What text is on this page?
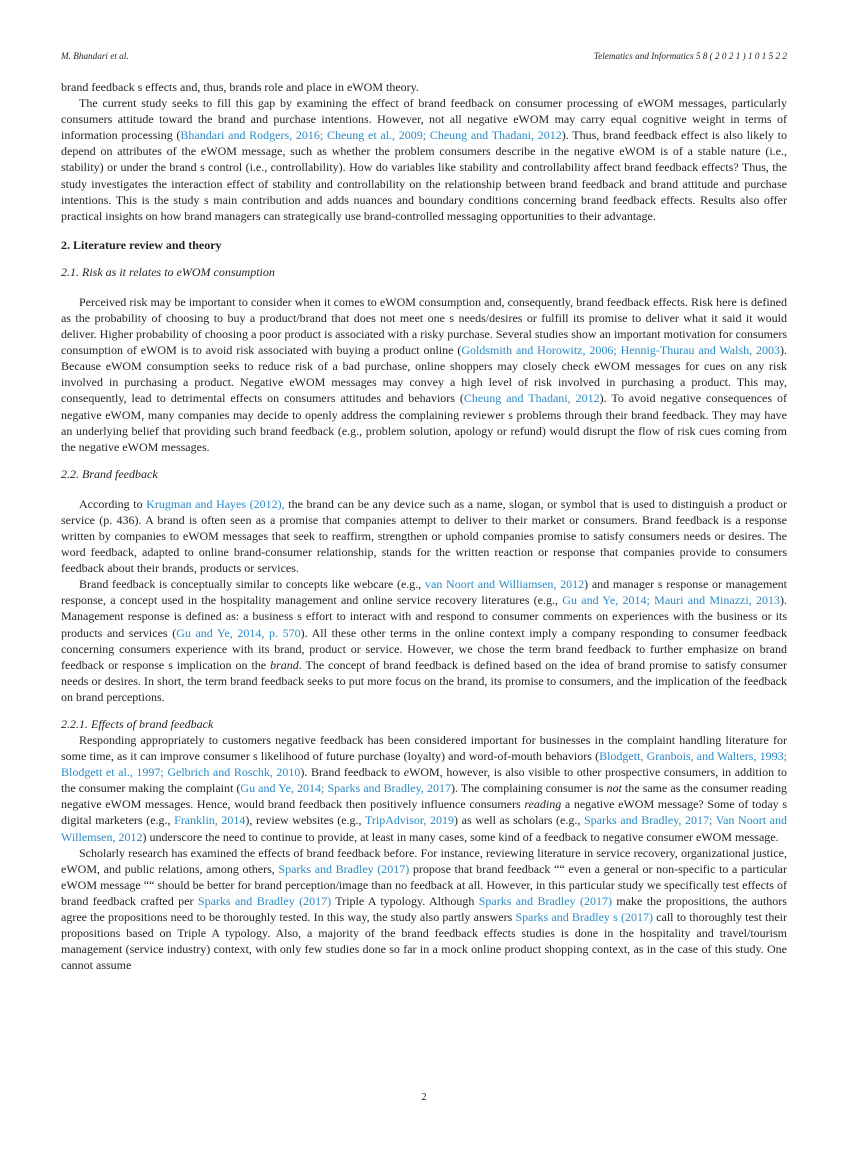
M. Bhandari et al.	Telematics and Informatics 5 8 ( 2 0 2 1 ) 1 0 1 5 2 2

brand feedback s effects and, thus, brands role and place in eWOM theory.

The current study seeks to fill this gap by examining the effect of brand feedback on consumer processing of eWOM messages, particularly consumers attitude toward the brand and purchase intentions. However, not all negative eWOM may carry equal cognitive weight in terms of information processing (Bhandari and Rodgers, 2016; Cheung et al., 2009; Cheung and Thadani, 2012). Thus, brand feedback effect is also likely to depend on attributes of the eWOM message, such as whether the problem consumers describe in the negative eWOM is of a stable nature (i.e., stability) or under the brand s control (i.e., controllability). How do variables like stability and controllability affect brand feedback effects? Thus, the study investigates the interaction effect of stability and controllability on the relationship between brand feedback and brand attitude and purchase intentions. This is the study s main contribution and adds nuances and boundary conditions concerning brand feedback effects. Results also offer practical insights on how brand managers can strategically use brand-controlled messaging opportunities to their advantage.

2. Literature review and theory
2.1. Risk as it relates to eWOM consumption

Perceived risk may be important to consider when it comes to eWOM consumption and, consequently, brand feedback effects. Risk here is defined as the probability of choosing to buy a product/brand that does not meet one s needs/desires or fulfill its promise to deliver what it said it would deliver. Higher probability of choosing a poor product is associated with a risky purchase. Several studies show an important motivation for consumers consumption of eWOM is to avoid risk associated with buying a product online (Goldsmith and Horowitz, 2006; Hennig-Thurau and Walsh, 2003). Because eWOM consumption seeks to reduce risk of a bad purchase, online shoppers may closely check eWOM messages for cues on any risk involved in purchasing a product. Negative eWOM messages may convey a high level of risk involved in purchasing a product. This may, consequently, lead to detrimental effects on consumers attitudes and behaviors (Cheung and Thadani, 2012). To avoid negative consequences of negative eWOM, many companies may decide to openly address the complaining reviewer s problems through their brand feedback. They may have an underlying belief that providing such brand feedback (e.g., problem solution, apology or refund) would disrupt the flow of risk cues coming from the negative eWOM messages.

2.2. Brand feedback

According to Krugman and Hayes (2012), the brand can be any device such as a name, slogan, or symbol that is used to distinguish a product or service (p. 436). A brand is often seen as a promise that companies attempt to deliver to their market or consumers. Brand feedback is a response written by companies to eWOM messages that seek to reaffirm, strengthen or uphold companies promise to satisfy consumers needs or desires. The word feedback, adapted to online brand-consumer relationship, stands for the written reaction or response that companies provide to consumers feedback about their brands, products or services.

Brand feedback is conceptually similar to concepts like webcare (e.g., van Noort and Williamsen, 2012) and manager s response or management response, a concept used in the hospitality management and online service recovery literatures (e.g., Gu and Ye, 2014; Mauri and Minazzi, 2013). Management response is defined as: a business s effort to interact with and respond to consumer comments on experiences with the business or its products and services (Gu and Ye, 2014, p. 570). All these other terms in the online context imply a company responding to consumer feedback concerning consumers experience with its brand, product or service. However, we chose the term brand feedback to further emphasize on brand feedback or response s implication on the brand. The concept of brand feedback is defined based on the idea of brand promise to satisfy consumer needs or desires. In short, the term brand feedback seeks to put more focus on the brand, its promise to consumers, and the implication of the feedback on brand perceptions.

2.2.1. Effects of brand feedback

Responding appropriately to customers negative feedback has been considered important for businesses in the complaint handling literature for some time, as it can improve consumer s likelihood of future purchase (loyalty) and word-of-mouth behaviors (Blodgett, Granbois, and Walters, 1993; Blodgett et al., 1997; Gelbrich and Roschk, 2010). Brand feedback to eWOM, however, is also visible to other prospective consumers, in addition to the consumer making the complaint (Gu and Ye, 2014; Sparks and Bradley, 2017). The complaining consumer is not the same as the consumer reading negative eWOM messages. Hence, would brand feedback then positively influence consumers reading a negative eWOM message? Some of today s digital marketers (e.g., Franklin, 2014), review websites (e.g., TripAdvisor, 2019) as well as scholars (e.g., Sparks and Bradley, 2017; Van Noort and Willemsen, 2012) underscore the need to continue to provide, at least in many cases, some kind of a feedback to negative consumer eWOM message.

Scholarly research has examined the effects of brand feedback before. For instance, reviewing literature in service recovery, organizational justice, eWOM, and public relations, among others, Sparks and Bradley (2017) propose that brand feedback ““ even a general or non-specific to a particular eWOM message ““ should be better for brand perception/image than no feedback at all. However, in this particular study we specifically test effects of brand feedback crafted per Sparks and Bradley (2017) Triple A typology. Although Sparks and Bradley (2017) make the propositions, the authors agree the propositions need to be thoroughly tested. In this way, the study also partly answers Sparks and Bradley s (2017) call to thoroughly test their propositions based on Triple A typology. Also, a majority of the brand feedback effects studies is done in the hospitality and travel/tourism management (service industry) context, with only few studies done so far in a mock online product shopping context, as in the case of this study. One cannot assume

2
